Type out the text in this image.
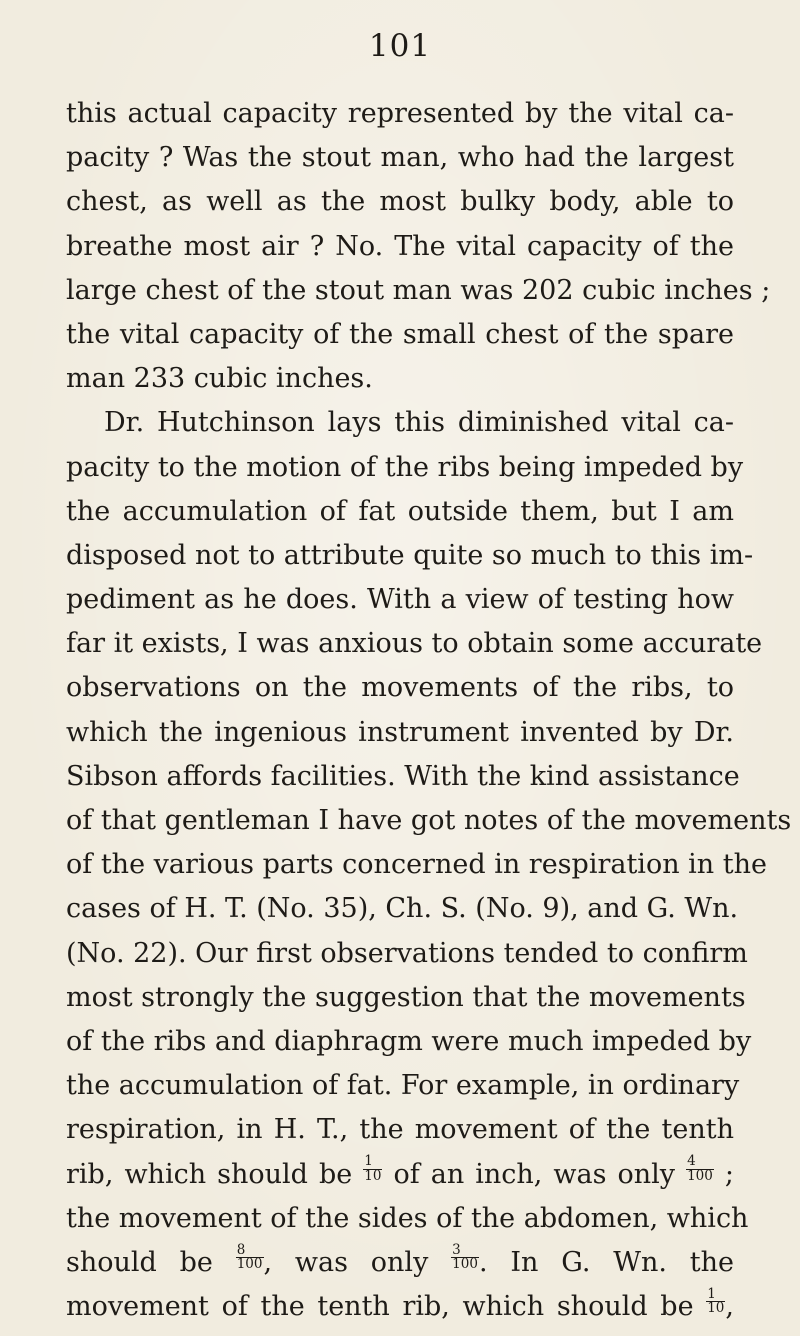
101
this actual capacity represented by the vital ca-
pacity ? Was the stout man, who had the largest
chest, as well as the most bulky body, able to
breathe most air ? No. The vital capacity of the
large chest of the stout man was 202 cubic inches ;
the vital capacity of the small chest of the spare
man 233 cubic inches.
Dr. Hutchinson lays this diminished vital ca-
pacity to the motion of the ribs being impeded by
the accumulation of fat outside them, but I am
disposed not to attribute quite so much to this im-
pediment as he does. With a view of testing how
far it exists, I was anxious to obtain some accurate
observations on the movements of the ribs, to
which the ingenious instrument invented by Dr.
Sibson affords facilities. With the kind assistance
of that gentleman I have got notes of the movements
of the various parts concerned in respiration in the
cases of H. T. (No. 35), Ch. S. (No. 9), and G. Wn.
(No. 22). Our first observations tended to confirm
most strongly the suggestion that the movements
of the ribs and diaphragm were much impeded by
the accumulation of fat. For example, in ordinary
respiration, in H. T., the movement of the tenth
rib, which should be $\frac{1}{10}$ of an inch, was only $\frac{4}{100}$ ;
the movement of the sides of the abdomen, which
should be $\frac{8}{100}$ , was only $\frac{3}{100}$ . In G. Wn. the
movement of the tenth rib, which should be $\frac{1}{10}$ ,
